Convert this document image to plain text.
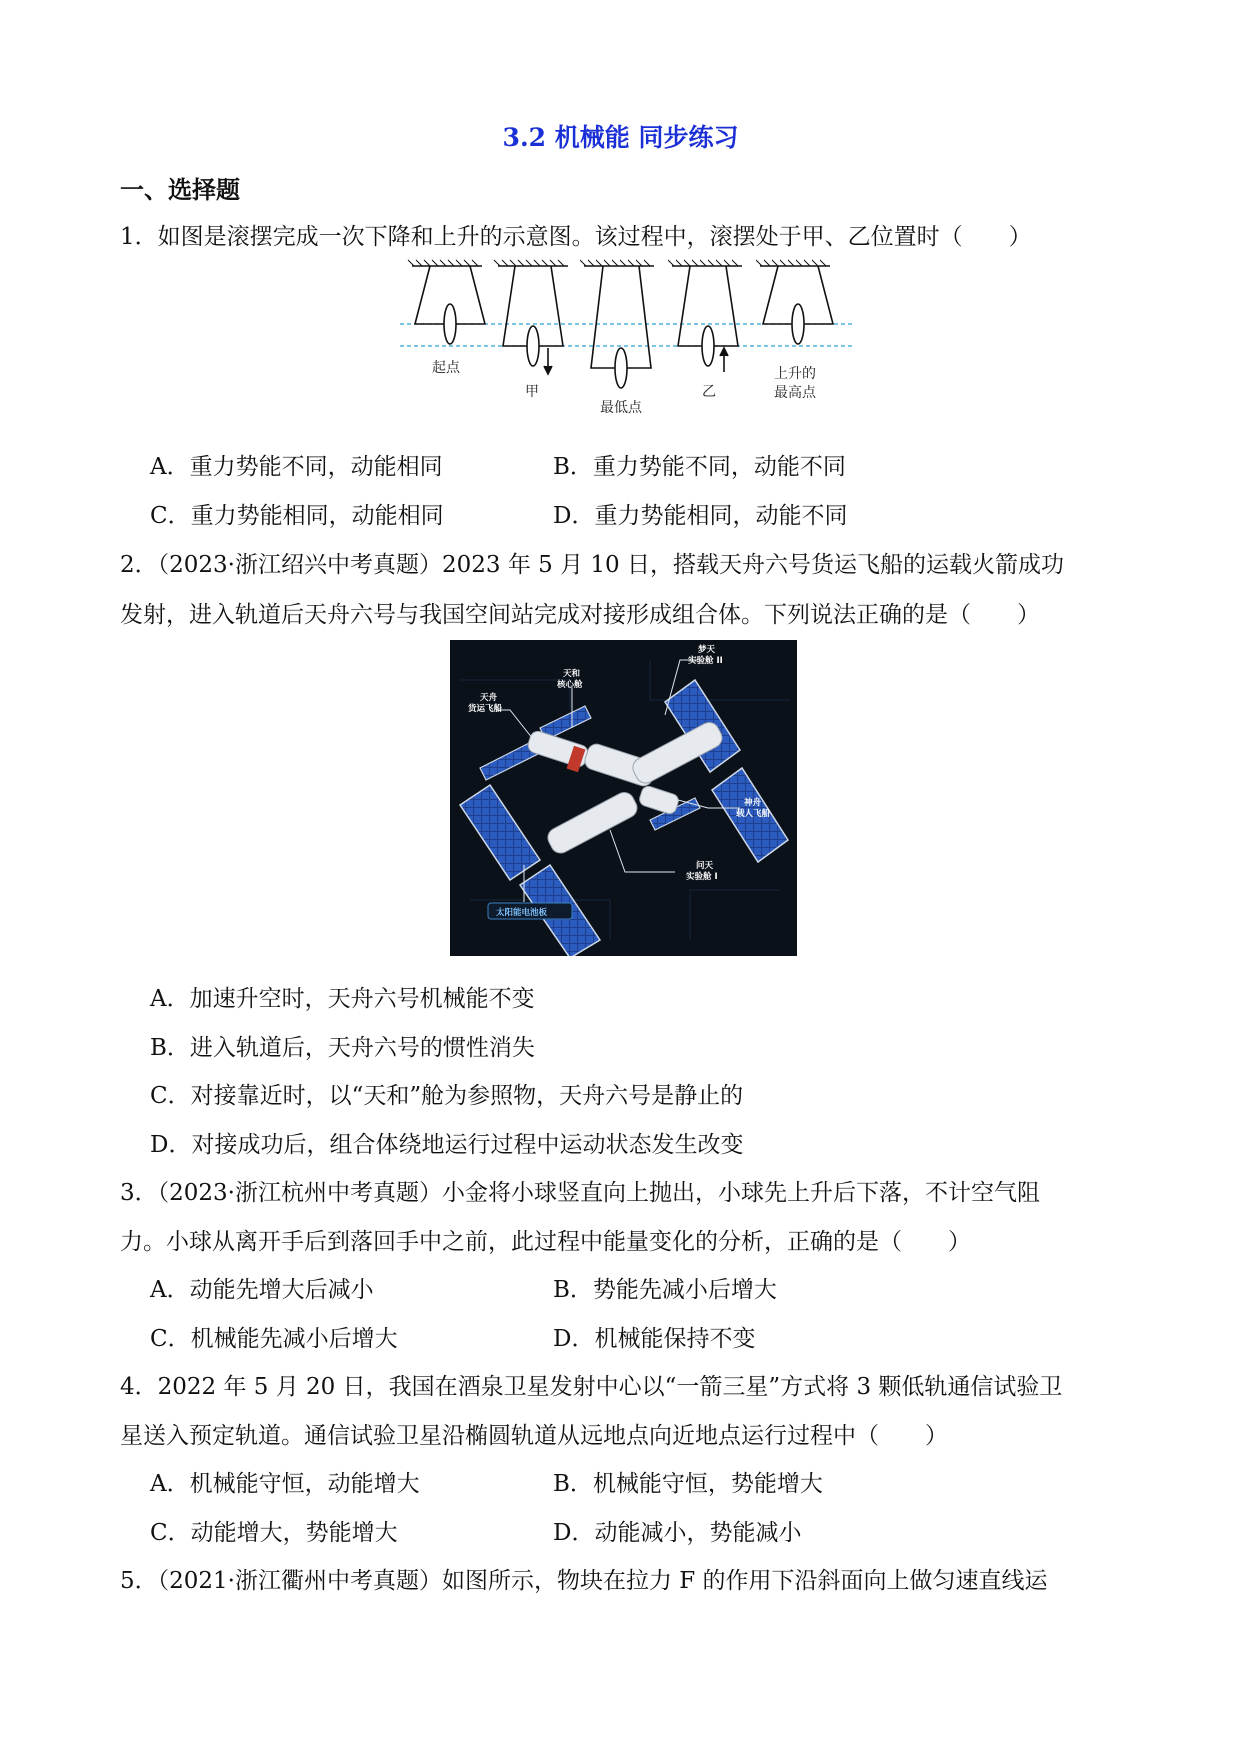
3.2 机械能 同步练习
一、选择题
1．如图是滚摆完成一次下降和上升的示意图。该过程中，滚摆处于甲、乙位置时（　　）
起点
甲
最低点
乙
上升的
最高点
A．重力势能不同，动能相同	B．重力势能不同，动能不同
C．重力势能相同，动能相同	D．重力势能相同，动能不同
2．（2023·浙江绍兴中考真题）2023 年 5 月 10 日，搭载天舟六号货运飞船的运载火箭成功
发射，进入轨道后天舟六号与我国空间站完成对接形成组合体。下列说法正确的是（　　）
梦天
实验舱 II
天和
核心舱
天舟
货运飞船
神舟
载人飞船
问天
实验舱 I
太阳能电池板
A．加速升空时，天舟六号机械能不变
B．进入轨道后，天舟六号的惯性消失
C．对接靠近时，以“天和”舱为参照物，天舟六号是静止的
D．对接成功后，组合体绕地运行过程中运动状态发生改变
3．（2023·浙江杭州中考真题）小金将小球竖直向上抛出，小球先上升后下落，不计空气阻
力。小球从离开手后到落回手中之前，此过程中能量变化的分析，正确的是（　　）
A．动能先增大后减小	B．势能先减小后增大
C．机械能先减小后增大	D．机械能保持不变
4．2022 年 5 月 20 日，我国在酒泉卫星发射中心以“一箭三星”方式将 3 颗低轨通信试验卫
星送入预定轨道。通信试验卫星沿椭圆轨道从远地点向近地点运行过程中（　　）
A．机械能守恒，动能增大	B．机械能守恒，势能增大
C．动能增大，势能增大	D．动能减小，势能减小
5．（2021·浙江衢州中考真题）如图所示，物块在拉力 F 的作用下沿斜面向上做匀速直线运
